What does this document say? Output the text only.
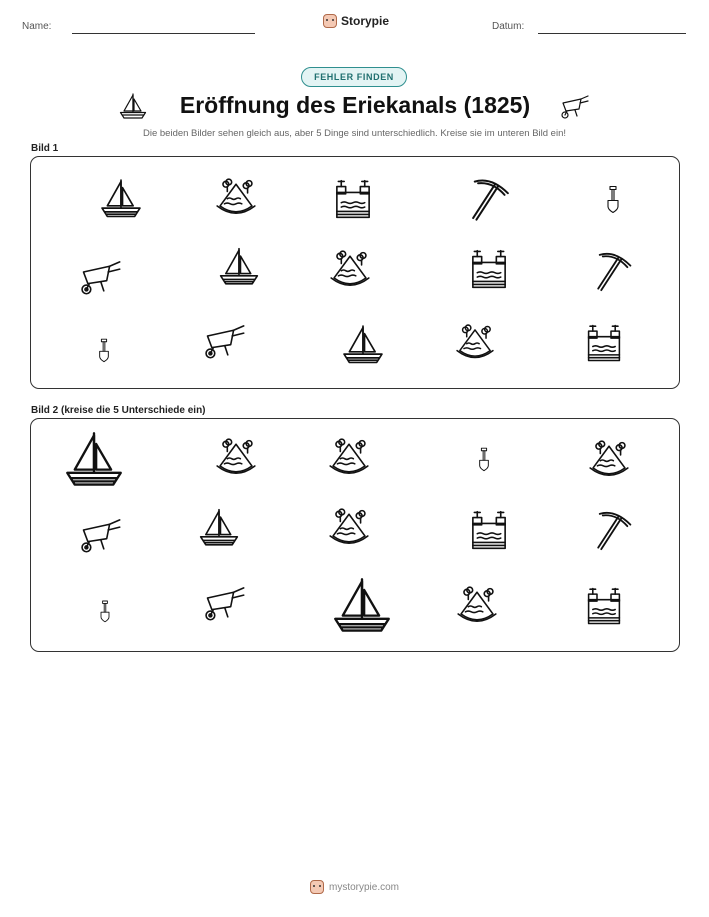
Name:	Storypie	Datum:
FEHLER FINDEN
Eröffnung des Eriekanals (1825)
Die beiden Bilder sehen gleich aus, aber 5 Dinge sind unterschiedlich. Kreise sie im unteren Bild ein!
Bild 1
Bild 2 (kreise die 5 Unterschiede ein)
mystorypie.com
